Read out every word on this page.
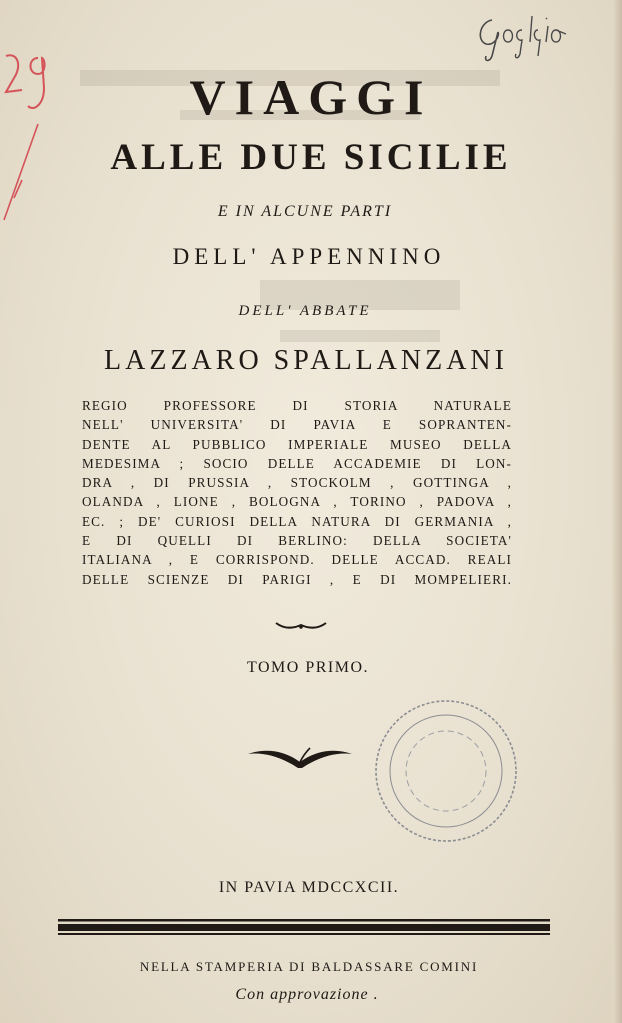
VIAGGI
ALLE DUE SICILIE
E IN ALCUNE PARTI
DELL' APPENNINO
DELL' ABBATE
LAZZARO SPALLANZANI
REGIO PROFESSORE DI STORIA NATURALE
NELL' UNIVERSITA' DI PAVIA E SOPRANTEN-
DENTE AL PUBBLICO IMPERIALE MUSEO DELLA
MEDESIMA ; SOCIO DELLE ACCADEMIE DI LON-
DRA , DI PRUSSIA , STOCKOLM , GOTTINGA ,
OLANDA , LIONE , BOLOGNA , TORINO , PADOVA ,
EC. ; DE' CURIOSI DELLA NATURA DI GERMANIA ,
E DI QUELLI DI BERLINO: DELLA SOCIETA'
ITALIANA , E CORRISPOND. DELLE ACCAD. REALI
DELLE SCIENZE DI PARIGI , E DI MOMPELIERI.
TOMO PRIMO.
IN PAVIA MDCCXCII.
NELLA STAMPERIA DI BALDASSARE COMINI
Con approvazione .
